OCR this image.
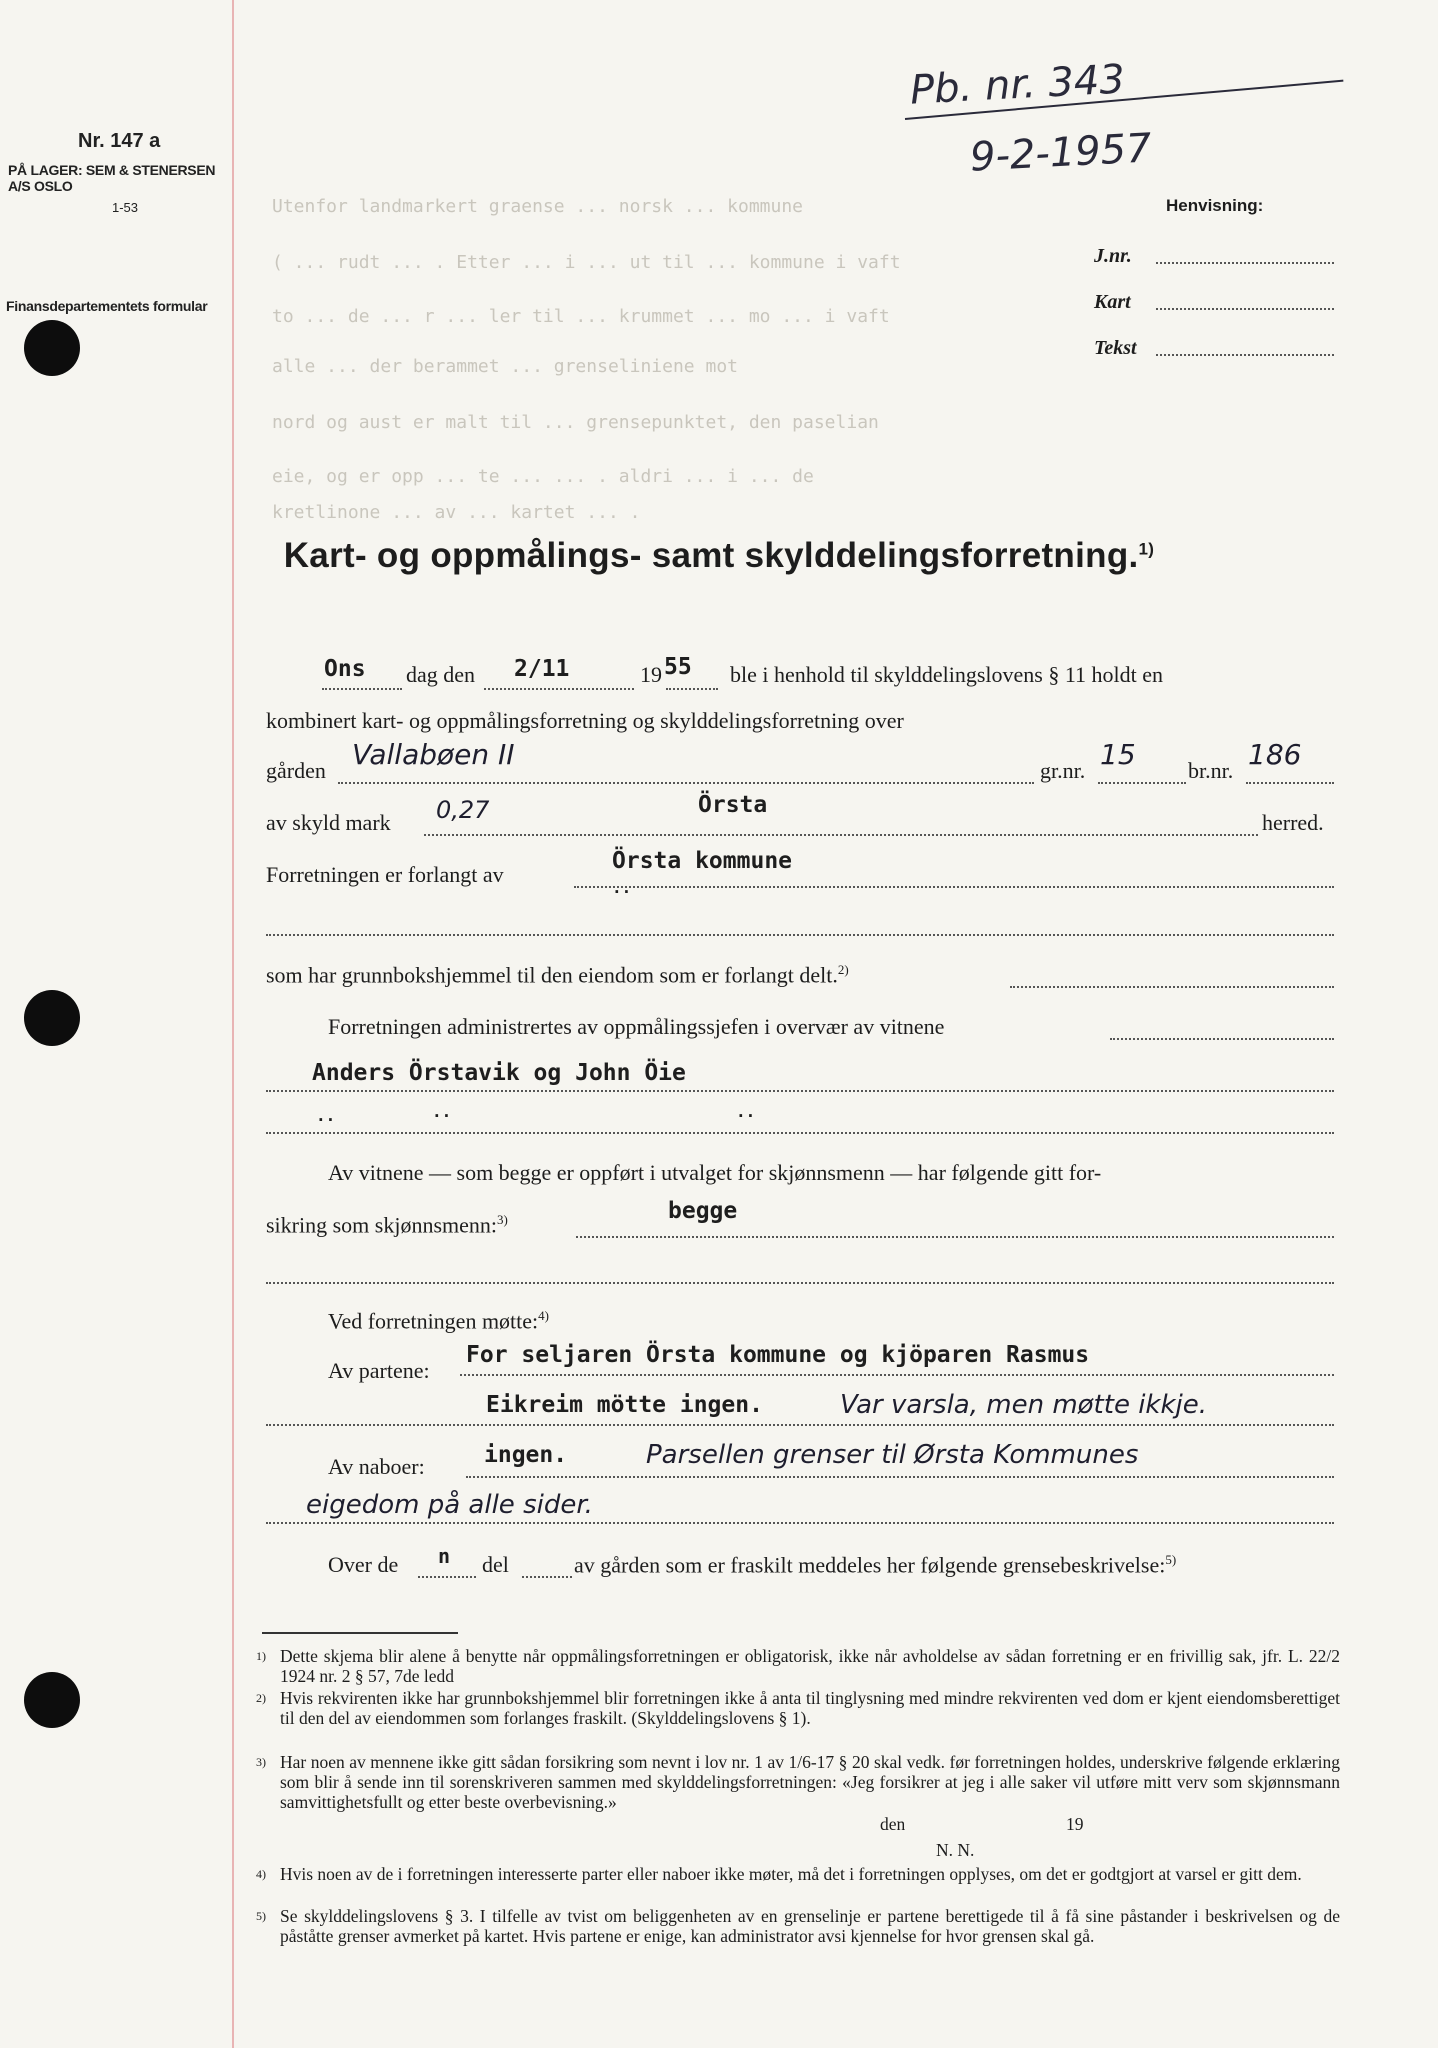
Nr. 147 a
PÅ LAGER: SEM & STENERSEN A/S OSLO
1-53
Finansdepartementets formular
Pb. nr. 343
9-2-1957
Henvisning:
J.nr.
Kart
Tekst
Utenfor landmarkert graense ... norsk ... kommune
( ... rudt ... . Etter ... i ... ut til ... kommune i vaft
to ... de ... r ... ler til ... krummet ... mo ... i vaft
alle ... der berammet ... grenseliniene mot
nord og aust er malt til ... grensepunktet, den paselian
eie, og er opp ... te ... ... . aldri ... i ... de
kretlinone ... av ... kartet ... .
Kart- og oppmålings- samt skylddelingsforretning.$^{1)}$
Ons dag den 2/11	19 55 ble i henhold til skylddelingslovens § 11 holdt en
kombinert kart- og oppmålingsforretning og skylddelingsforretning over
gården Vallabøen II	gr.nr. 15 br.nr. 186
av skyld mark 0,27	Örsta
herred.
Forretningen er forlangt av
Örsta kommune
..
som har grunnbokshjemmel til den eiendom som er forlangt delt.$^{2)}$
Forretningen administrertes av oppmålingssjefen i overvær av vitnene
Anders Örstavik og John Öie
..	..	..
Av vitnene — som begge er oppført i utvalget for skjønnsmenn — har følgende gitt for-
sikring som skjønnsmenn:$^{3)}$	begge
Ved forretningen møtte:$^{4)}$
Av partene:
For seljaren Örsta kommune og kjöparen Rasmus
Eikreim mötte ingen.	Var varsla, men møtte ikkje.
Av naboer:	ingen.	Parsellen grenser til Ørsta Kommunes
eigedom på alle sider.
Over de n del	av gården som er fraskilt meddeles her følgende grensebeskrivelse:$^{5)}$
1) Dette skjema blir alene å benytte når oppmålingsforretningen er obligatorisk, ikke når avholdelse av sådan forretning er en frivillig sak, jfr. L. 22/2 1924 nr. 2 § 57, 7de ledd
2) Hvis rekvirenten ikke har grunnbokshjemmel blir forretningen ikke å anta til tinglysning med mindre rekvirenten ved dom er kjent eiendomsberettiget til den del av eiendommen som forlanges fraskilt. (Skylddelingslovens § 1).
3) Har noen av mennene ikke gitt sådan forsikring som nevnt i lov nr. 1 av 1/6-17 § 20 skal vedk. før forretningen holdes, underskrive følgende erklæring som blir å sende inn til sorenskriveren sammen med skylddelingsforretningen: «Jeg forsikrer at jeg i alle saker vil utføre mitt verv som skjønnsmann samvittighetsfullt og etter beste overbevisning.»
den	19
N. N.
4) Hvis noen av de i forretningen interesserte parter eller naboer ikke møter, må det i forretningen opplyses, om det er godtgjort at varsel er gitt dem.
5) Se skylddelingslovens § 3. I tilfelle av tvist om beliggenheten av en grenselinje er partene berettigede til å få sine påstander i beskrivelsen og de påståtte grenser avmerket på kartet. Hvis partene er enige, kan administrator avsi kjennelse for hvor grensen skal gå.
